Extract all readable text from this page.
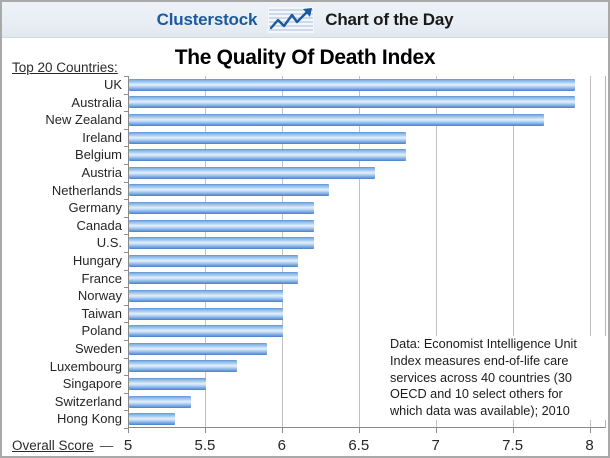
Clusterstock	Chart of the Day
The Quality Of Death Index
Top 20 Countries:
UK
Australia
New Zealand
Ireland
Belgium
Austria
Netherlands
Germany
Canada
U.S.
Hungary
France
Norway
Taiwan
Poland
Sweden
Luxembourg
Singapore
Switzerland
Hong Kong
Overall Score —
Data: Economist Intelligence Unit
Index measures end-of-life care
services across 40 countries (30
OECD and 10 select others for
which data was available); 2010
5	5.5	6	6.5	7	7.5	8
